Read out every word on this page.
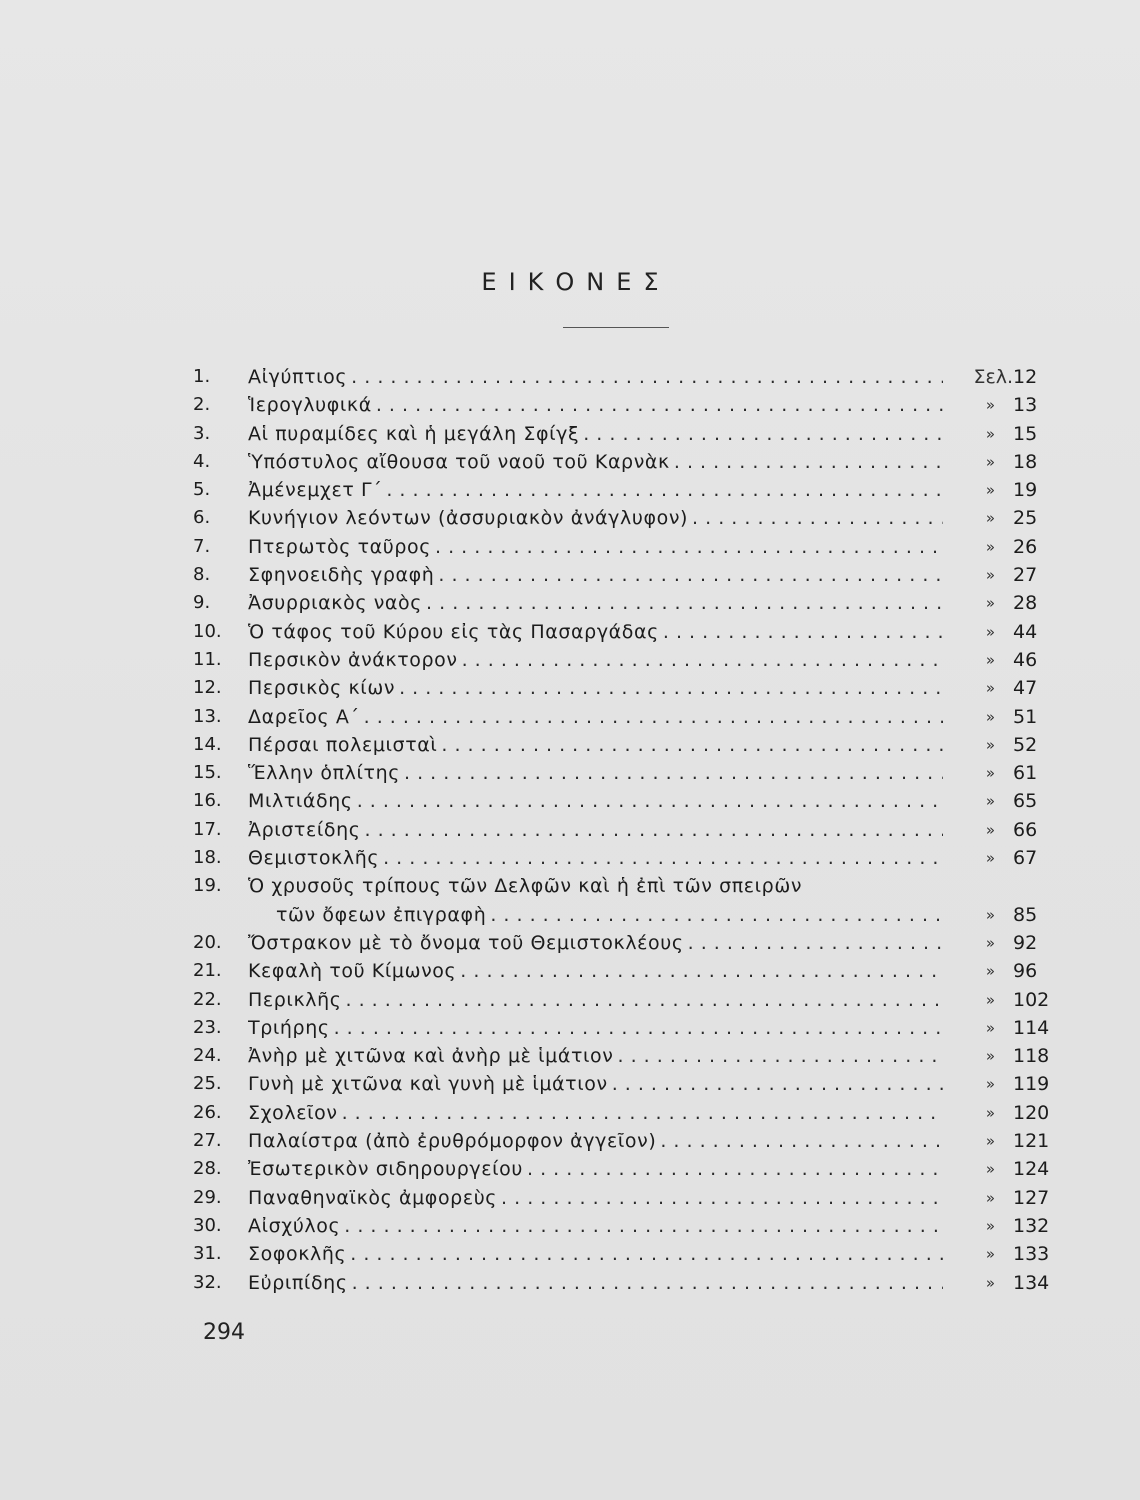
ΕΙΚΟΝΕΣ
1.	Αἰγύπτιος . . .	Σελ. 12
2.	Ἱερογλυφικά . . .	» 13
3.	Αἱ πυραμίδες καὶ ἡ μεγάλη Σφίγξ . . .	» 15
4.	Ὑπόστυλος αἴθουσα τοῦ ναοῦ τοῦ Καρνὰκ . . .	» 18
5.	Ἀμένεμχετ Γ΄ . . .	» 19
6.	Κυνήγιον λεόντων (ἀσσυριακὸν ἀνάγλυφον) . . .	» 25
7.	Πτερωτὸς ταῦρος . . .	» 26
8.	Σφηνοειδὴς γραφὴ . . .	» 27
9.	Ἀσυρριακὸς ναὸς . . .	» 28
10.	Ὁ τάφος τοῦ Κύρου εἰς τὰς Πασαργάδας . . .	» 44
11.	Περσικὸν ἀνάκτορον . . .	» 46
12.	Περσικὸς κίων . . .	» 47
13.	Δαρεῖος Α΄ . . .	» 51
14.	Πέρσαι πολεμισταὶ . . .	» 52
15.	Ἕλλην ὁπλίτης . . .	» 61
16.	Μιλτιάδης . . .	» 65
17.	Ἀριστείδης . . .	» 66
18.	Θεμιστοκλῆς . . .	» 67
19.	Ὁ χρυσοῦς τρίπους τῶν Δελφῶν καὶ ἡ ἐπὶ τῶν σπειρῶν
τῶν ὄφεων ἐπιγραφὴ . . .	» 85
20.	Ὄστρακον μὲ τὸ ὄνομα τοῦ Θεμιστοκλέους . . .	» 92
21.	Κεφαλὴ τοῦ Κίμωνος . . .	» 96
22.	Περικλῆς . . .	» 102
23.	Τριήρης . . .	» 114
24.	Ἀνὴρ μὲ χιτῶνα καὶ ἀνὴρ μὲ ἱμάτιον . . .	» 118
25.	Γυνὴ μὲ χιτῶνα καὶ γυνὴ μὲ ἱμάτιον . . .	» 119
26.	Σχολεῖον . . .	» 120
27.	Παλαίστρα (ἀπὸ ἐρυθρόμορφον ἀγγεῖον) . . .	» 121
28.	Ἐσωτερικὸν σιδηρουργείου . . .	» 124
29.	Παναθηναϊκὸς ἀμφορεὺς . . .	» 127
30.	Αἰσχύλος . . .	» 132
31.	Σοφοκλῆς . . .	» 133
32.	Εὐριπίδης . . .	» 134
294
